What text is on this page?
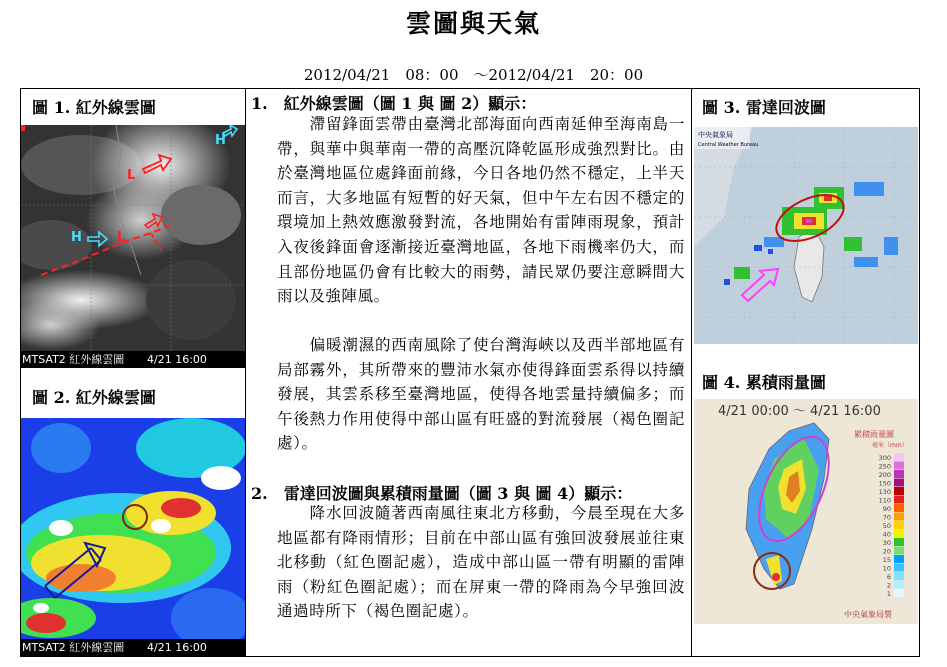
雲圖與天氣
2012/04/21　08：00　～2012/04/21　20：00
圖 1. 紅外線雲圖
H
H
L
L
MTSAT2 紅外線雲圖 4/21 16:00
圖 2. 紅外線雲圖
MTSAT2 紅外線雲圖 4/21 16:00
1.　紅外線雲圖（圖 1 與 圖 2）顯示：
　　滯留鋒面雲帶由臺灣北部海面向西南延伸至海南島一帶，與華中與華南一帶的高壓沉降乾區形成強烈對比。由於臺灣地區位處鋒面前緣，今日各地仍然不穩定，上半天而言，大多地區有短暫的好天氣，但中午左右因不穩定的環境加上熱效應激發對流，各地開始有雷陣雨現象，預計入夜後鋒面會逐漸接近臺灣地區，各地下雨機率仍大，而且部份地區仍會有比較大的雨勢，請民眾仍要注意瞬間大雨以及強陣風。
　　偏暖潮濕的西南風除了使台灣海峽以及西半部地區有局部霧外，其所帶來的豐沛水氣亦使得鋒面雲系得以持續發展，其雲系移至臺灣地區，使得各地雲量持續偏多；而午後熱力作用使得中部山區有旺盛的對流發展（褐色圈記處）。
2.　雷達回波圖與累積雨量圖（圖 3 與 圖 4）顯示：
　　降水回波隨著西南風往東北方移動，今晨至現在大多地區都有降雨情形；目前在中部山區有強回波發展並往東北移動（紅色圈記處），造成中部山區一帶有明顯的雷陣雨（粉紅色圈記處）；而在屏東一帶的降雨為今早強回波通過時所下（褐色圈記處）。
圖 3. 雷達回波圖
中央氣象局
Central Weather Bureau
圖 4. 累積雨量圖
4/21 00:00 ～ 4/21 16:00
累積雨量圖
毫米（mm）
300
250
200
150
130
110
90
70
50
40
30
20
15
10
6
2
1
中央氣象局製
